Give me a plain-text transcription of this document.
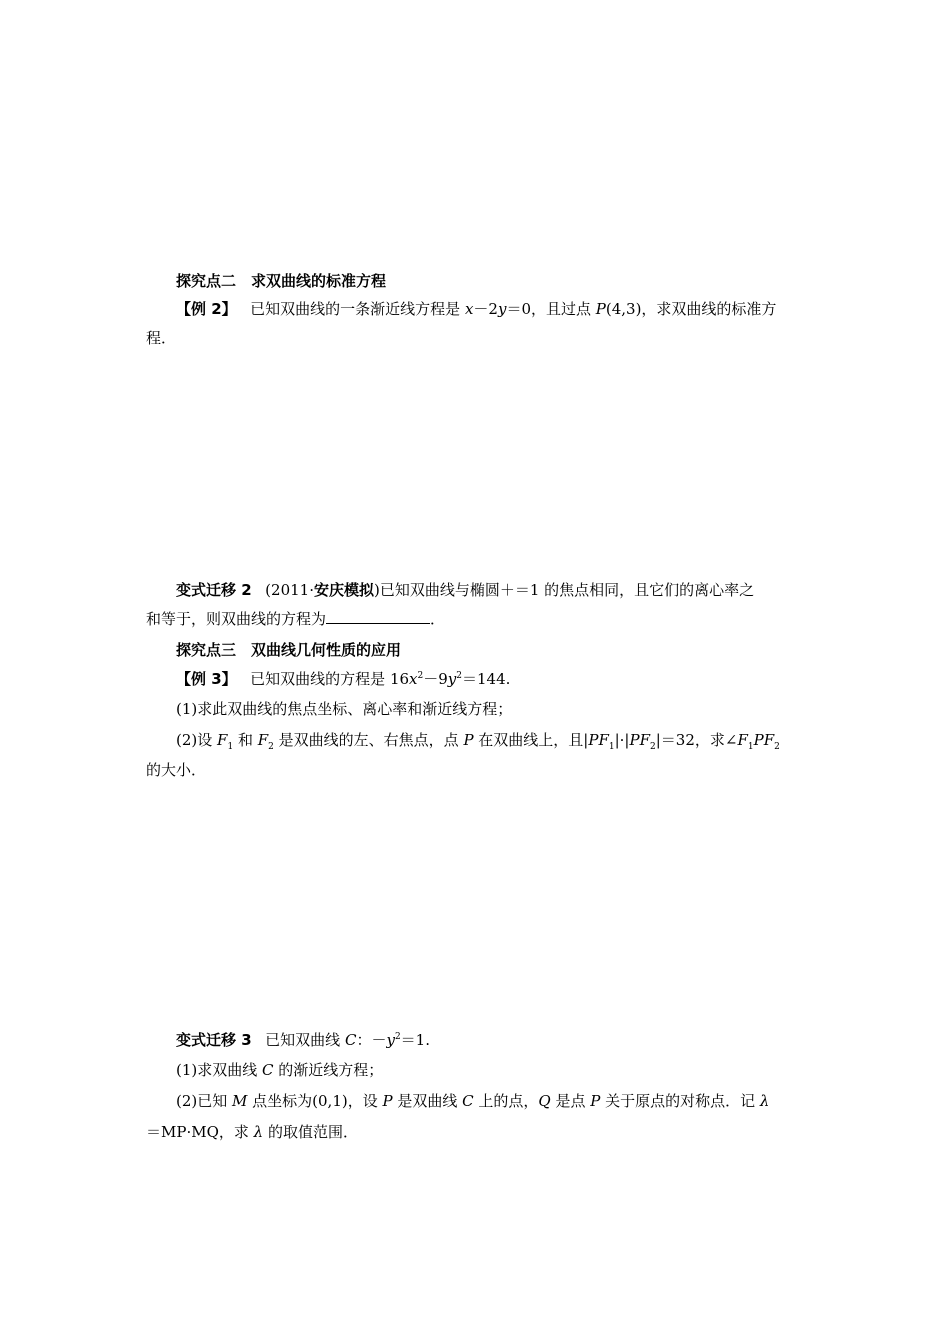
探究点二　求双曲线的标准方程
【例 2】 已知双曲线的一条渐近线方程是 x－2y＝0，且过点 P(4,3)，求双曲线的标准方
程．
变式迁移 2 (2011·安庆模拟)已知双曲线与椭圆＋＝1 的焦点相同，且它们的离心率之
和等于，则双曲线的方程为	．
探究点三　双曲线几何性质的应用
【例 3】 已知双曲线的方程是 $16x^2-9y^2=144$.
(1)求此双曲线的焦点坐标、离心率和渐近线方程；
(2)设 $F_1$ 和 $F_2$ 是双曲线的左、右焦点，点 P 在双曲线上，且$|PF_1|\cdot|PF_2|=32$，求$\angle F_1PF_2$
的大小．
变式迁移 3 已知双曲线 C：$-y^2=1$.
(1)求双曲线 C 的渐近线方程；
(2)已知 M 点坐标为(0,1)，设 P 是双曲线 C 上的点，Q 是点 P 关于原点的对称点．记 λ
＝MP·MQ，求 λ 的取值范围．
